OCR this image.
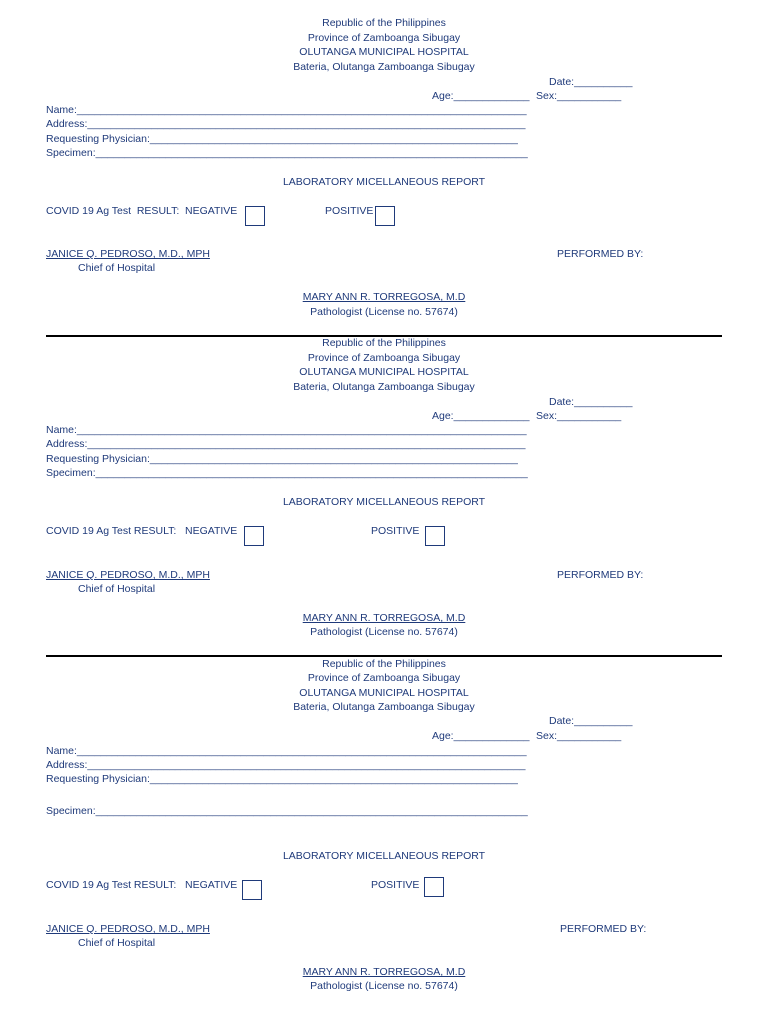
Republic of the Philippines
Province of Zamboanga Sibugay
OLUTANGA MUNICIPAL HOSPITAL
Bateria, Olutanga Zamboanga Sibugay
Date:__________
Age:_____________ Sex:___________
Name:_____________________________________________________________________________
Address:___________________________________________________________________________
Requesting Physician:_______________________________________________________________
Specimen:__________________________________________________________________________
LABORATORY MICELLANEOUS REPORT
COVID 19 Ag Test  RESULT: NEGATIVE	POSITIVE
JANICE Q. PEDROSO, M.D., MPH
Chief of Hospital
PERFORMED BY:
MARY ANN R. TORREGOSA, M.D
Pathologist (License no. 57674)
Republic of the Philippines
Province of Zamboanga Sibugay
OLUTANGA MUNICIPAL HOSPITAL
Bateria, Olutanga Zamboanga Sibugay
Date:__________
Age:_____________ Sex:___________
Name:_____________________________________________________________________________
Address:___________________________________________________________________________
Requesting Physician:_______________________________________________________________
Specimen:__________________________________________________________________________
LABORATORY MICELLANEOUS REPORT
COVID 19 Ag Test RESULT: NEGATIVE	POSITIVE
JANICE Q. PEDROSO, M.D., MPH
Chief of Hospital
PERFORMED BY:
MARY ANN R. TORREGOSA, M.D
Pathologist (License no. 57674)
Republic of the Philippines
Province of Zamboanga Sibugay
OLUTANGA MUNICIPAL HOSPITAL
Bateria, Olutanga Zamboanga Sibugay
Date:__________
Age:_____________ Sex:___________
Name:_____________________________________________________________________________
Address:___________________________________________________________________________
Requesting Physician:_______________________________________________________________
Specimen:__________________________________________________________________________
LABORATORY MICELLANEOUS REPORT
COVID 19 Ag Test RESULT: NEGATIVE	POSITIVE
JANICE Q. PEDROSO, M.D., MPH
Chief of Hospital
PERFORMED BY:
MARY ANN R. TORREGOSA, M.D
Pathologist (License no. 57674)
